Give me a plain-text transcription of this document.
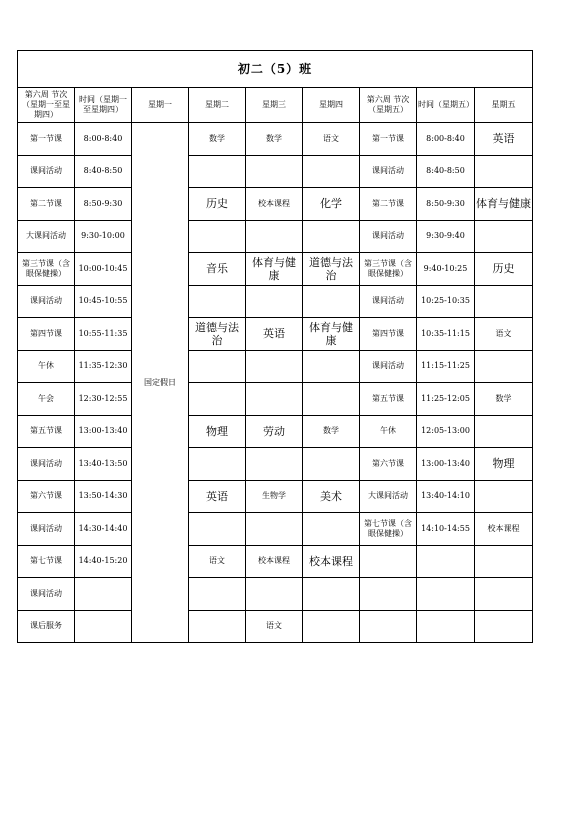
初二（5）班								
第六周 节次（星期一至星期四）	时间（星期一至星期四）	星期一	星期二	星期三	星期四	第六周 节次（星期五）	时间（星期五）	星期五
第一节课	8:00-8:40	国定假日	数学	数学	语文	第一节课	8:00-8:40	英语
课间活动	8:40-8:50					课间活动	8:40-8:50	
第二节课	8:50-9:30		历史	校本课程	化学	第二节课	8:50-9:30	体育与健康
大课间活动	9:30-10:00					课间活动	9:30-9:40	
第三节课（含眼保健操）	10:00-10:45		音乐	体育与健康	道德与法治	第三节课（含眼保健操）	9:40-10:25	历史
课间活动	10:45-10:55					课间活动	10:25-10:35	
第四节课	10:55-11:35		道德与法治	英语	体育与健康	第四节课	10:35-11:15	语文
午休	11:35-12:30					课间活动	11:15-11:25	
午会	12:30-12:55					第五节课	11:25-12:05	数学
第五节课	13:00-13:40		物理	劳动	数学	午休	12:05-13:00	
课间活动	13:40-13:50					第六节课	13:00-13:40	物理
第六节课	13:50-14:30		英语	生物学	美术	大课间活动	13:40-14:10	
课间活动	14:30-14:40					第七节课（含眼保健操）	14:10-14:55	校本课程
第七节课	14:40-15:20		语文	校本课程	校本课程			
课间活动								
课后服务				语文				
